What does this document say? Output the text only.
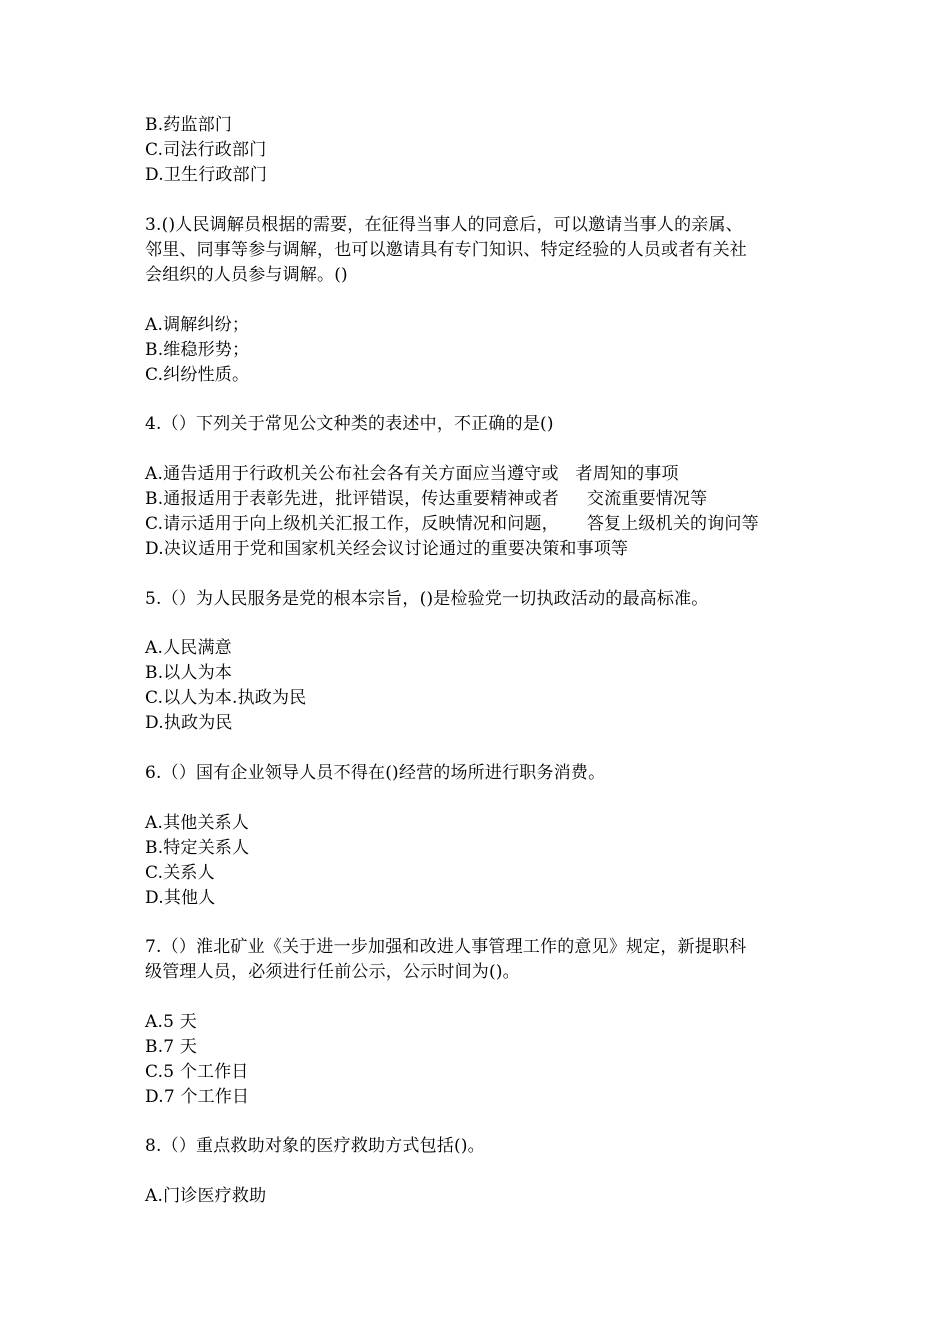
B.药监部门
C.司法行政部门
D.卫生行政部门
3.()人民调解员根据的需要，在征得当事人的同意后，可以邀请当事人的亲属、
邻里、同事等参与调解，也可以邀请具有专门知识、特定经验的人员或者有关社
会组织的人员参与调解。()
A.调解纠纷；
B.维稳形势；
C.纠纷性质。
4.（）下列关于常见公文种类的表述中，不正确的是()
A.通告适用于行政机关公布社会各有关方面应当遵守或   者周知的事项
B.通报适用于表彰先进，批评错误，传达重要精神或者     交流重要情况等
C.请示适用于向上级机关汇报工作，反映情况和问题，     答复上级机关的询问等
D.决议适用于党和国家机关经会议讨论通过的重要决策和事项等
5.（）为人民服务是党的根本宗旨，()是检验党一切执政活动的最高标准。
A.人民满意
B.以人为本
C.以人为本.执政为民
D.执政为民
6.（）国有企业领导人员不得在()经营的场所进行职务消费。
A.其他关系人
B.特定关系人
C.关系人
D.其他人
7.（）淮北矿业《关于进一步加强和改进人事管理工作的意见》规定，新提职科
级管理人员，必须进行任前公示，公示时间为()。
A.5 天
B.7 天
C.5 个工作日
D.7 个工作日
8.（）重点救助对象的医疗救助方式包括()。
A.门诊医疗救助
